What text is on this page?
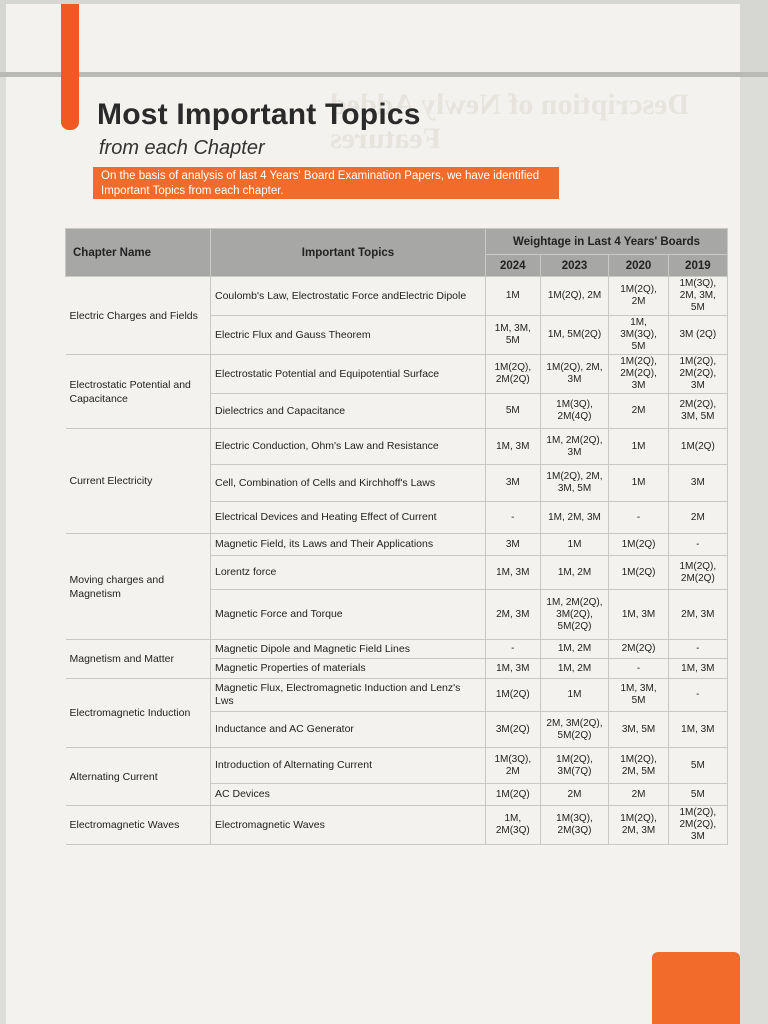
Description of Newly Added Features
Most Important Topics
from each Chapter
On the basis of analysis of last 4 Years' Board Examination Papers, we have identified Important Topics from each chapter.
Chapter Name	Important Topics	Weightage in Last 4 Years' Boards			
		2024	2023	2020	2019
Electric Charges and Fields	Coulomb's Law, Electrostatic Force andElectric Dipole	1M	1M(2Q), 2M	1M(2Q), 2M	1M(3Q), 2M, 3M, 5M
	Electric Flux and Gauss Theorem	1M, 3M, 5M	1M, 5M(2Q)	1M, 3M(3Q), 5M	3M (2Q)
Electrostatic Potential and Capacitance	Electrostatic Potential and Equipotential Surface	1M(2Q), 2M(2Q)	1M(2Q), 2M, 3M	1M(2Q), 2M(2Q), 3M	1M(2Q), 2M(2Q), 3M
	Dielectrics and Capacitance	5M	1M(3Q), 2M(4Q)	2M	2M(2Q), 3M, 5M
Current Electricity	Electric Conduction, Ohm's Law and Resistance	1M, 3M	1M, 2M(2Q), 3M	1M	1M(2Q)
	Cell, Combination of Cells and Kirchhoff's Laws	3M	1M(2Q), 2M, 3M, 5M	1M	3M
	Electrical Devices and Heating Effect of Current	-	1M, 2M, 3M	-	2M
Moving charges and Magnetism	Magnetic Field, its Laws and Their Applications	3M	1M	1M(2Q)	-
	Lorentz force	1M, 3M	1M, 2M	1M(2Q)	1M(2Q), 2M(2Q)
	Magnetic Force and Torque	2M, 3M	1M, 2M(2Q), 3M(2Q), 5M(2Q)	1M, 3M	2M, 3M
Magnetism and Matter	Magnetic Dipole and Magnetic Field Lines	-	1M, 2M	2M(2Q)	-
	Magnetic Properties of materials	1M, 3M	1M, 2M	-	1M, 3M
Electromagnetic Induction	Magnetic Flux, Electromagnetic Induction and Lenz's Lws	1M(2Q)	1M	1M, 3M, 5M	-
	Inductance and AC Generator	3M(2Q)	2M, 3M(2Q), 5M(2Q)	3M, 5M	1M, 3M
Alternating Current	Introduction of Alternating Current	1M(3Q), 2M	1M(2Q), 3M(7Q)	1M(2Q), 2M, 5M	5M
	AC Devices	1M(2Q)	2M	2M	5M
Electromagnetic Waves	Electromagnetic Waves	1M, 2M(3Q)	1M(3Q), 2M(3Q)	1M(2Q), 2M, 3M	1M(2Q), 2M(2Q), 3M
